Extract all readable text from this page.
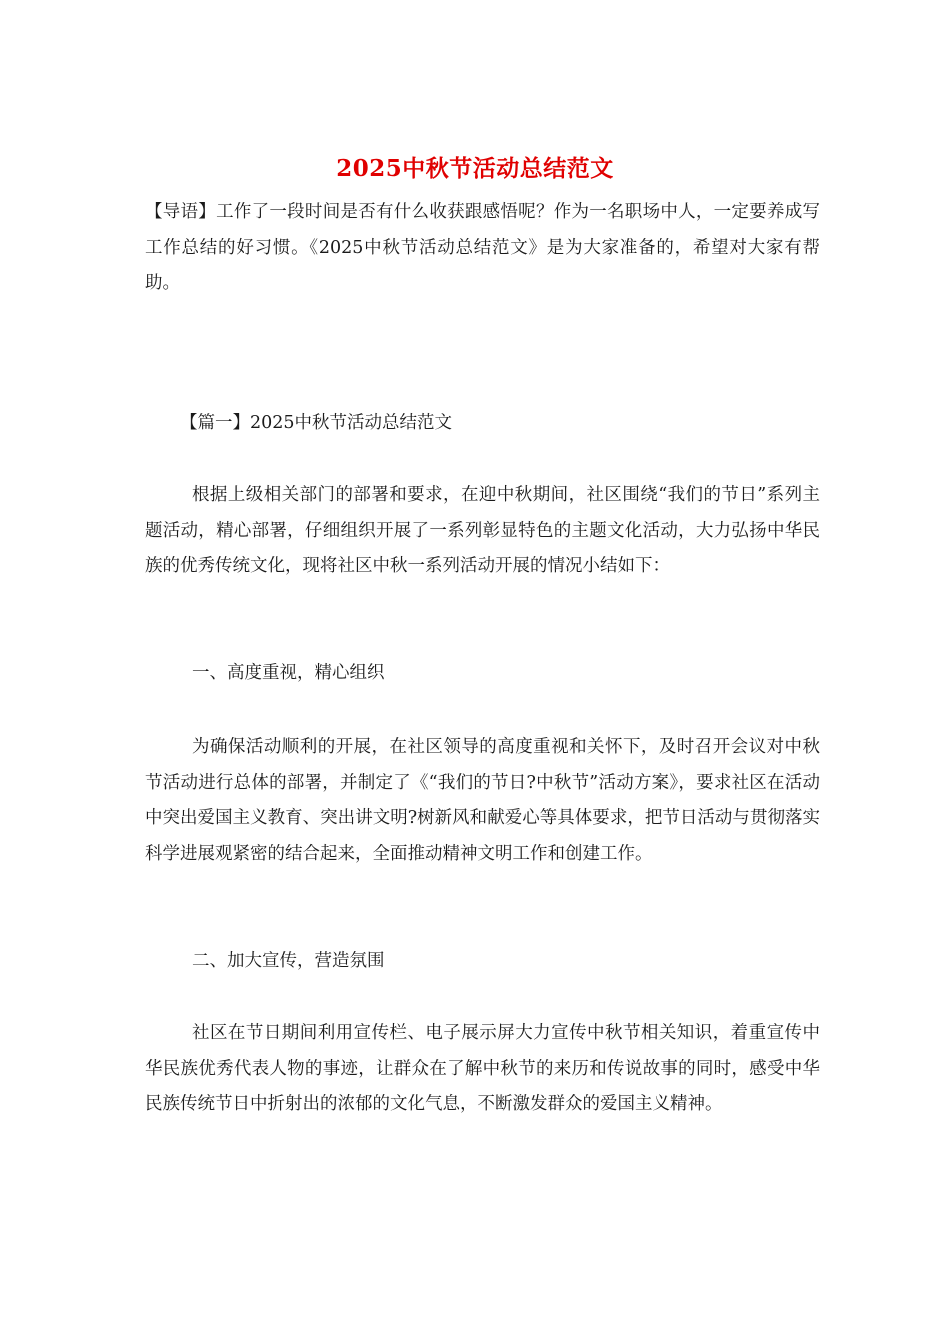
2025中秋节活动总结范文

【导语】工作了一段时间是否有什么收获跟感悟呢？作为一名职场中人，一定要养成写工作总结的好习惯。《2025中秋节活动总结范文》是为大家准备的，希望对大家有帮助。

【篇一】2025中秋节活动总结范文

根据上级相关部门的部署和要求，在迎中秋期间，社区围绕“我们的节日”系列主题活动，精心部署，仔细组织开展了一系列彰显特色的主题文化活动，大力弘扬中华民族的优秀传统文化，现将社区中秋一系列活动开展的情况小结如下：

一、高度重视，精心组织

为确保活动顺利的开展，在社区领导的高度重视和关怀下，及时召开会议对中秋节活动进行总体的部署，并制定了《“我们的节日?中秋节”活动方案》，要求社区在活动中突出爱国主义教育、突出讲文明?树新风和献爱心等具体要求，把节日活动与贯彻落实科学进展观紧密的结合起来，全面推动精神文明工作和创建工作。

二、加大宣传，营造氛围

社区在节日期间利用宣传栏、电子展示屏大力宣传中秋节相关知识，着重宣传中华民族优秀代表人物的事迹，让群众在了解中秋节的来历和传说故事的同时，感受中华民族传统节日中折射出的浓郁的文化气息，不断激发群众的爱国主义精神。
